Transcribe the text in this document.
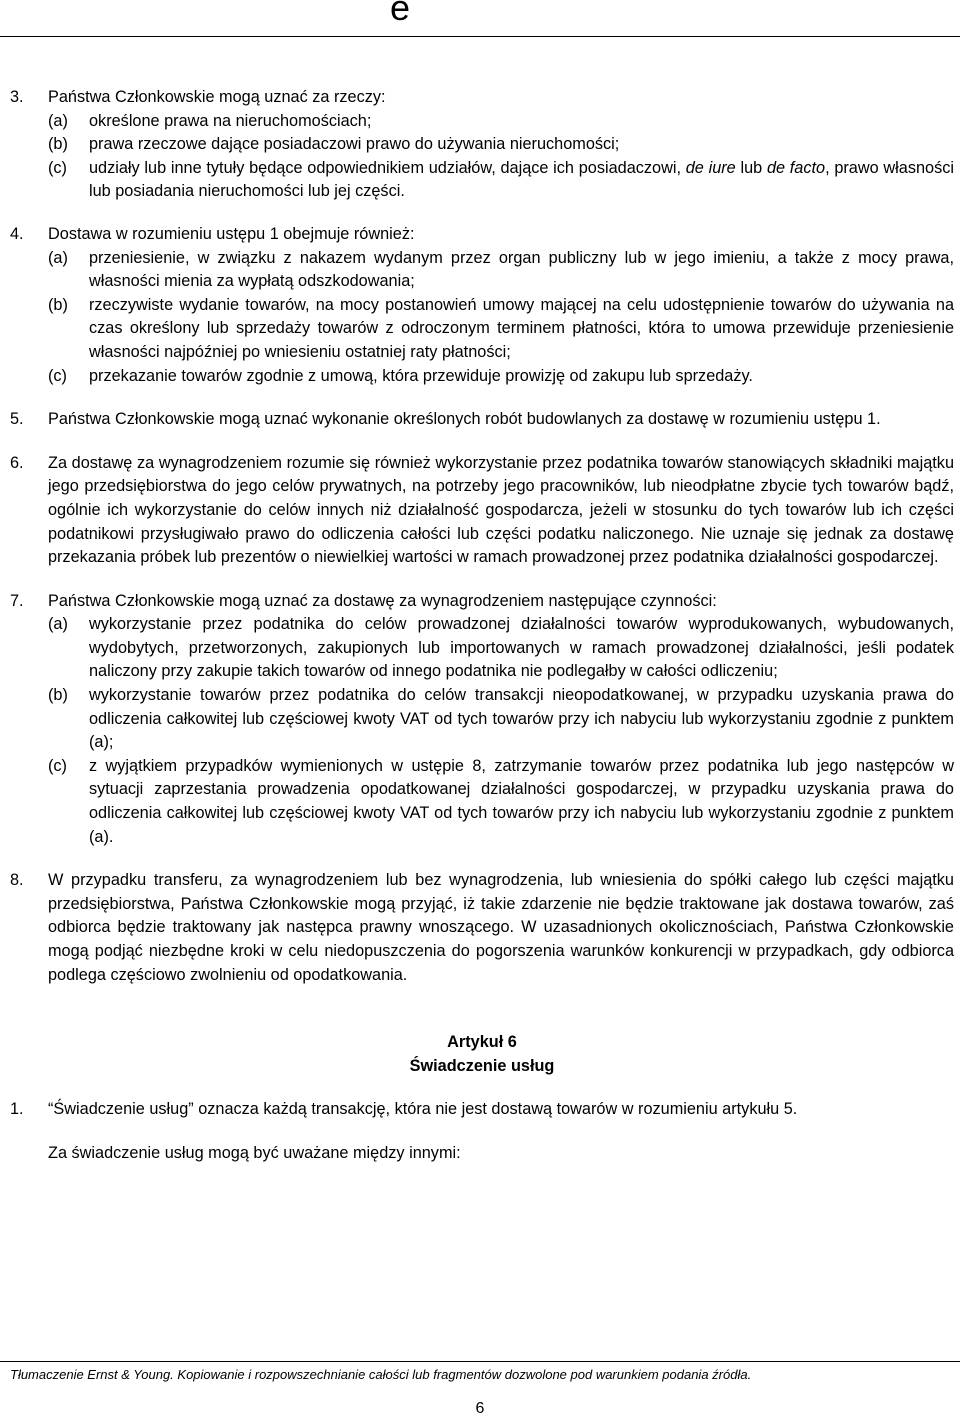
e
3.	Państwa Członkowskie mogą uznać za rzeczy:
(a)	określone prawa na nieruchomościach;
(b)	prawa rzeczowe dające posiadaczowi prawo do używania nieruchomości;
(c)	udziały lub inne tytuły będące odpowiednikiem udziałów, dające ich posiadaczowi, de iure lub de facto, prawo własności lub posiadania nieruchomości lub jej części.
4.	Dostawa w rozumieniu ustępu 1 obejmuje również:
(a)	przeniesienie, w związku z nakazem wydanym przez organ publiczny lub w jego imieniu, a także z mocy prawa, własności mienia za wypłatą odszkodowania;
(b)	rzeczywiste wydanie towarów, na mocy postanowień umowy mającej na celu udostępnienie towarów do używania na czas określony lub sprzedaży towarów z odroczonym terminem płatności, która to umowa przewiduje przeniesienie własności najpóźniej po wniesieniu ostatniej raty płatności;
(c)	przekazanie towarów zgodnie z umową, która przewiduje prowizję od zakupu lub sprzedaży.
5.	Państwa Członkowskie mogą uznać wykonanie określonych robót budowlanych za dostawę w rozumieniu ustępu 1.
6.	Za dostawę za wynagrodzeniem rozumie się również wykorzystanie przez podatnika towarów stanowiących składniki majątku jego przedsiębiorstwa do jego celów prywatnych, na potrzeby jego pracowników, lub nieodpłatne zbycie tych towarów bądź, ogólnie ich wykorzystanie do celów innych niż działalność gospodarcza, jeżeli w stosunku do tych towarów lub ich części podatnikowi przysługiwało prawo do odliczenia całości lub części podatku naliczonego. Nie uznaje się jednak za dostawę przekazania próbek lub prezentów o niewielkiej wartości w ramach prowadzonej przez podatnika działalności gospodarczej.
7.	Państwa Członkowskie mogą uznać za dostawę za wynagrodzeniem następujące czynności:
(a)	wykorzystanie przez podatnika do celów prowadzonej działalności towarów wyprodukowanych, wybudowanych, wydobytych, przetworzonych, zakupionych lub importowanych w ramach prowadzonej działalności, jeśli podatek naliczony przy zakupie takich towarów od innego podatnika nie podlegałby w całości odliczeniu;
(b)	wykorzystanie towarów przez podatnika do celów transakcji nieopodatkowanej, w przypadku uzyskania prawa do odliczenia całkowitej lub częściowej kwoty VAT od tych towarów przy ich nabyciu lub wykorzystaniu zgodnie z punktem (a);
(c)	z wyjątkiem przypadków wymienionych w ustępie 8, zatrzymanie towarów przez podatnika lub jego następców w sytuacji zaprzestania prowadzenia opodatkowanej działalności gospodarczej, w przypadku uzyskania prawa do odliczenia całkowitej lub częściowej kwoty VAT od tych towarów przy ich nabyciu lub wykorzystaniu zgodnie z punktem (a).
8.	W przypadku transferu, za wynagrodzeniem lub bez wynagrodzenia, lub wniesienia do spółki całego lub części majątku przedsiębiorstwa, Państwa Członkowskie mogą przyjąć, iż takie zdarzenie nie będzie traktowane jak dostawa towarów, zaś odbiorca będzie traktowany jak następca prawny wnoszącego. W uzasadnionych okolicznościach, Państwa Członkowskie mogą podjąć niezbędne kroki w celu niedopuszczenia do pogorszenia warunków konkurencji w przypadkach, gdy odbiorca podlega częściowo zwolnieniu od opodatkowania.
Artykuł 6
Świadczenie usług
1.	“Świadczenie usług” oznacza każdą transakcję, która nie jest dostawą towarów w rozumieniu artykułu 5.
Za świadczenie usług mogą być uważane między innymi:
Tłumaczenie Ernst & Young. Kopiowanie i rozpowszechnianie całości lub fragmentów dozwolone pod warunkiem podania źródła.
6
